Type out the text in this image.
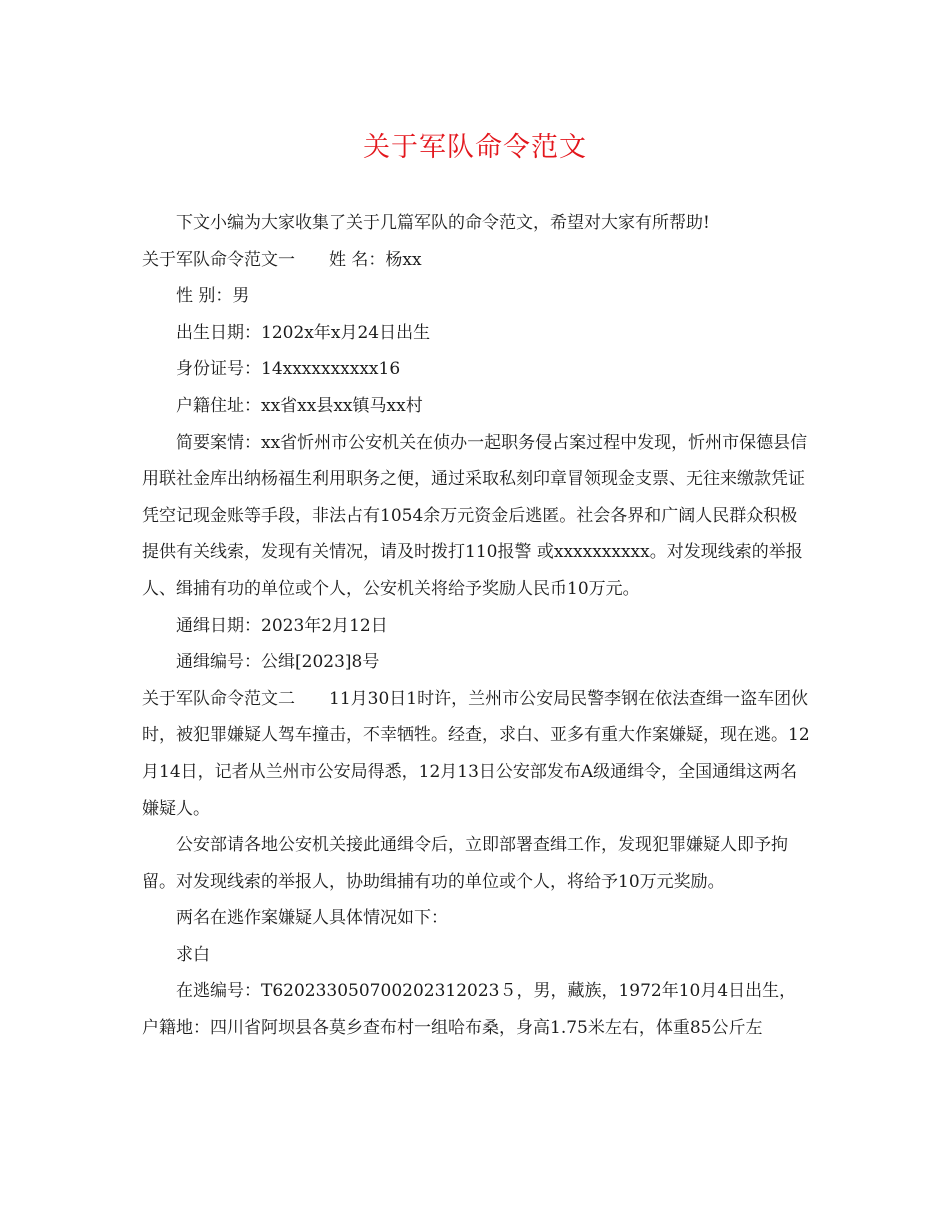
关于军队命令范文

下文小编为大家收集了关于几篇军队的命令范文，希望对大家有所帮助!

关于军队命令范文一 姓 名：杨xx

性 别：男

出生日期：1202x年x月24日出生

身份证号：14xxxxxxxxxx16

户籍住址：xx省xx县xx镇马xx村

简要案情：xx省忻州市公安机关在侦办一起职务侵占案过程中发现，忻州市保德县信用联社金库出纳杨福生利用职务之便，通过采取私刻印章冒领现金支票、无往来缴款凭证凭空记现金账等手段，非法占有1054余万元资金后逃匿。社会各界和广阔人民群众积极提供有关线索，发现有关情况，请及时拨打110报警 或xxxxxxxxxx。对发现线索的举报人、缉捕有功的单位或个人，公安机关将给予奖励人民币10万元。

通缉日期：2023年2月12日

通缉编号：公缉[2023]8号

关于军队命令范文二 11月30日1时许，兰州市公安局民警李钢在依法查缉一盗车团伙时，被犯罪嫌疑人驾车撞击，不幸牺牲。经查，求白、亚多有重大作案嫌疑，现在逃。12月14日，记者从兰州市公安局得悉，12月13日公安部发布A级通缉令，全国通缉这两名嫌疑人。

公安部请各地公安机关接此通缉令后，立即部署查缉工作，发现犯罪嫌疑人即予拘留。对发现线索的举报人，协助缉捕有功的单位或个人，将给予10万元奖励。

两名在逃作案嫌疑人具体情况如下：

求白

在逃编号：T620233050700202312023５，男，藏族，1972年10月4日出生，户籍地：四川省阿坝县各莫乡查布村一组哈布桑，身高1.75米左右，体重85公斤左
